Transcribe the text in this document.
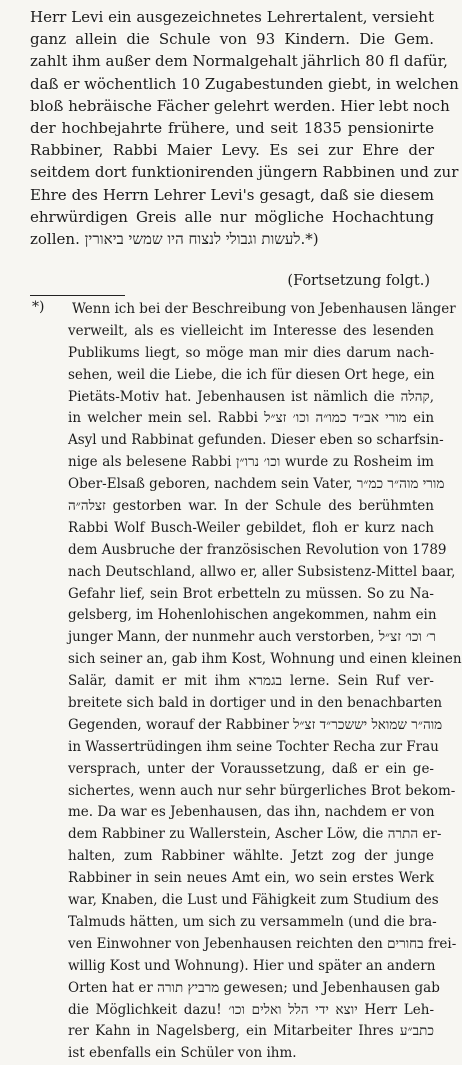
Herr Levi ein ausgezeichnetes Lehrertalent, versieht
ganz allein die Schule von 93 Kindern. Die Gem.
zahlt ihm außer dem Normalgehalt jährlich 80 fl dafür,
daß er wöchentlich 10 Zugabestunden giebt, in welchen
bloß hebräische Fächer gelehrt werden. Hier lebt noch
der hochbejahrte frühere, und seit 1835 pensionirte
Rabbiner, Rabbi Maier Levy. Es sei zur Ehre der
seitdem dort funktionirenden jüngern Rabbinen und zur
Ehre des Herrn Lehrer Levi's gesagt, daß sie diesem
ehrwürdigen Greis alle nur mögliche Hochachtung
zollen. ‫לעשות וגבולי לנצוח היו שמשי ביאורין‬.*)
(Fortsetzung folgt.)
*) Wenn ich bei der Beschreibung von Jebenhausen länger
verweilt, als es vielleicht im Interesse des lesenden
Publikums liegt, so möge man mir dies darum nach-
sehen, weil die Liebe, die ich für diesen Ort hege, ein
Pietäts-Motiv hat. Jebenhausen ist nämlich die ‫קהלה‬,
in welcher mein sel. Rabbi ‫מורי אב״ד כמו״ה וכו׳ זצ״ל‬ ein
Asyl und Rabbinat gefunden. Dieser eben so scharfsin-
nige als belesene Rabbi ‫וכו׳ נרו״ן‬ wurde zu Rosheim im
Ober-Elsaß geboren, nachdem sein Vater, ‫מורי מוה״ר כמ״ר‬
‫זצלה״ה‬ gestorben war. In der Schule des berühmten
Rabbi Wolf Busch-Weiler gebildet, floh er kurz nach
dem Ausbruche der französischen Revolution von 1789
nach Deutschland, allwo er, aller Subsistenz-Mittel baar,
Gefahr lief, sein Brot erbetteln zu müssen. So zu Na-
gelsberg, im Hohenlohischen angekommen, nahm ein
junger Mann, der nunmehr auch verstorben, ‫ר׳ וכו׳ זצ״ל‬
sich seiner an, gab ihm Kost, Wohnung und einen kleinen
Salär, damit er mit ihm ‫בגמרא‬ lerne. Sein Ruf ver-
breitete sich bald in dortiger und in den benachbarten
Gegenden, worauf der Rabbiner ‫מוה״ר שמואל יששכר״ד זצ״ל‬
in Wassertrüdingen ihm seine Tochter Recha zur Frau
versprach, unter der Voraussetzung, daß er ein ge-
sichertes, wenn auch nur sehr bürgerliches Brot bekom-
me. Da war es Jebenhausen, das ihn, nachdem er von
dem Rabbiner zu Wallerstein, Ascher Löw, die ‫התרה‬ er-
halten, zum Rabbiner wählte. Jetzt zog der junge
Rabbiner in sein neues Amt ein, wo sein erstes Werk
war, Knaben, die Lust und Fähigkeit zum Studium des
Talmuds hätten, um sich zu versammeln (und die bra-
ven Einwohner von Jebenhausen reichten den ‫בחורים‬ frei-
willig Kost und Wohnung). Hier und später an andern
Orten hat er ‫מרביץ תורה‬ gewesen; und Jebenhausen gab
die Möglichkeit dazu! ‫יוצא ידי הלל ואלים וכו׳‬ Herr Leh-
rer Kahn in Nagelsberg, ein Mitarbeiter Ihres ‫כתב״ע‬
ist ebenfalls ein Schüler von ihm.
